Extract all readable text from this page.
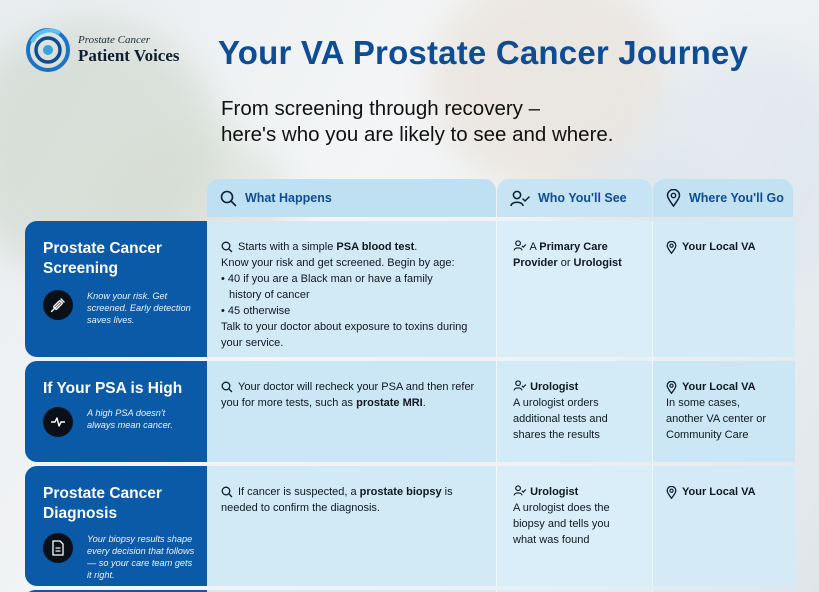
Prostate Cancer
Patient Voices Your VA Prostate Cancer Journey
From screening through recovery –
here's who you are likely to see and where.
What Happens	Who You'll See	Where You'll Go
Prostate Cancer Screening
Know your risk. Get screened. Early detection saves lives.
Starts with a simple PSA blood test.
Know your risk and get screened. Begin by age:
• 40 if you are a Black man or have a family
history of cancer
• 45 otherwise
Talk to your doctor about exposure to toxins during
your service.
A Primary Care
Provider or Urologist
Your Local VA
If Your PSA is High
A high PSA doesn't always mean cancer.
Your doctor will recheck your PSA and then refer
you for more tests, such as prostate MRI.
Urologist
A urologist orders
additional tests and
shares the results
Your Local VA
In some cases,
another VA center or
Community Care
Prostate Cancer Diagnosis
Your biopsy results shape every decision that follows — so your care team gets it right.
If cancer is suspected, a prostate biopsy is
needed to confirm the diagnosis.
Urologist
A urologist does the
biopsy and tells you
what was found
Your Local VA
